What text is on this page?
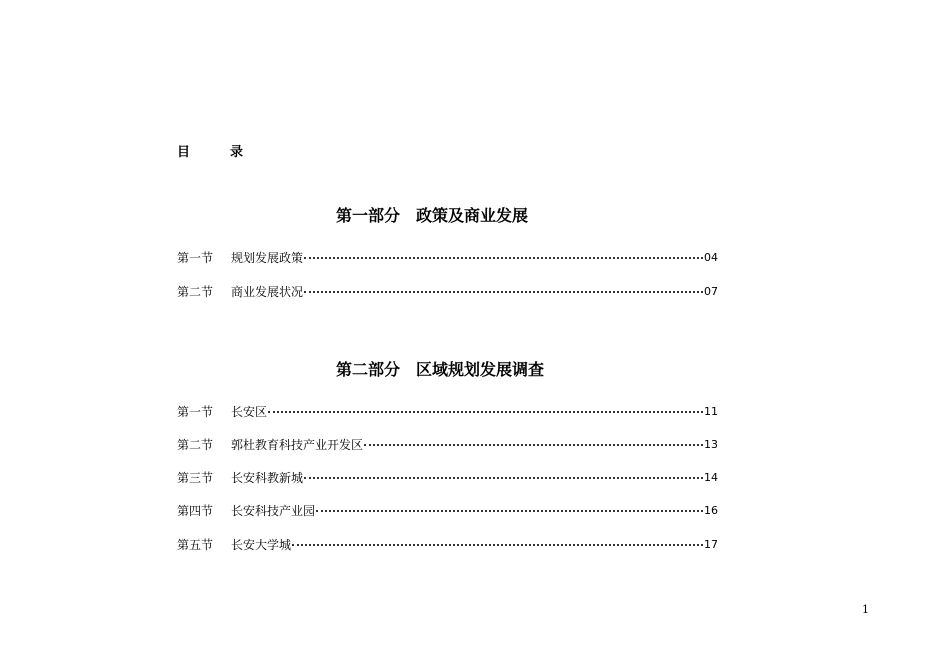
目	录
第一部分　政策及商业发展
第一节	规划发展政策	04
第二节	商业发展状况	07
第二部分　区域规划发展调查
第一节	长安区	11
第二节	郭杜教育科技产业开发区	13
第三节	长安科教新城	14
第四节	长安科技产业园	16
第五节	长安大学城	17
1
